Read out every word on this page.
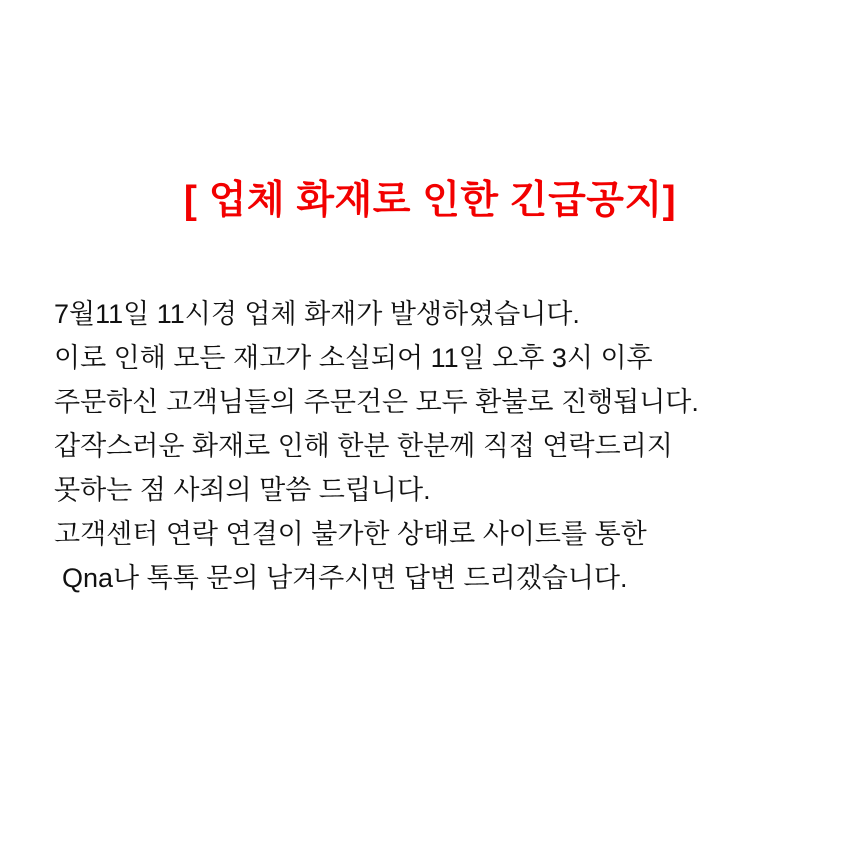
[ 업체 화재로 인한 긴급공지]
7월11일 11시경 업체 화재가 발생하였습니다.
이로 인해 모든 재고가 소실되어 11일 오후 3시 이후
주문하신 고객님들의 주문건은 모두 환불로 진행됩니다.
갑작스러운 화재로 인해 한분 한분께 직접 연락드리지
못하는 점 사죄의 말씀 드립니다.
고객센터 연락 연결이 불가한 상태로 사이트를 통한
Qna나 톡톡 문의 남겨주시면 답변 드리겠습니다.
